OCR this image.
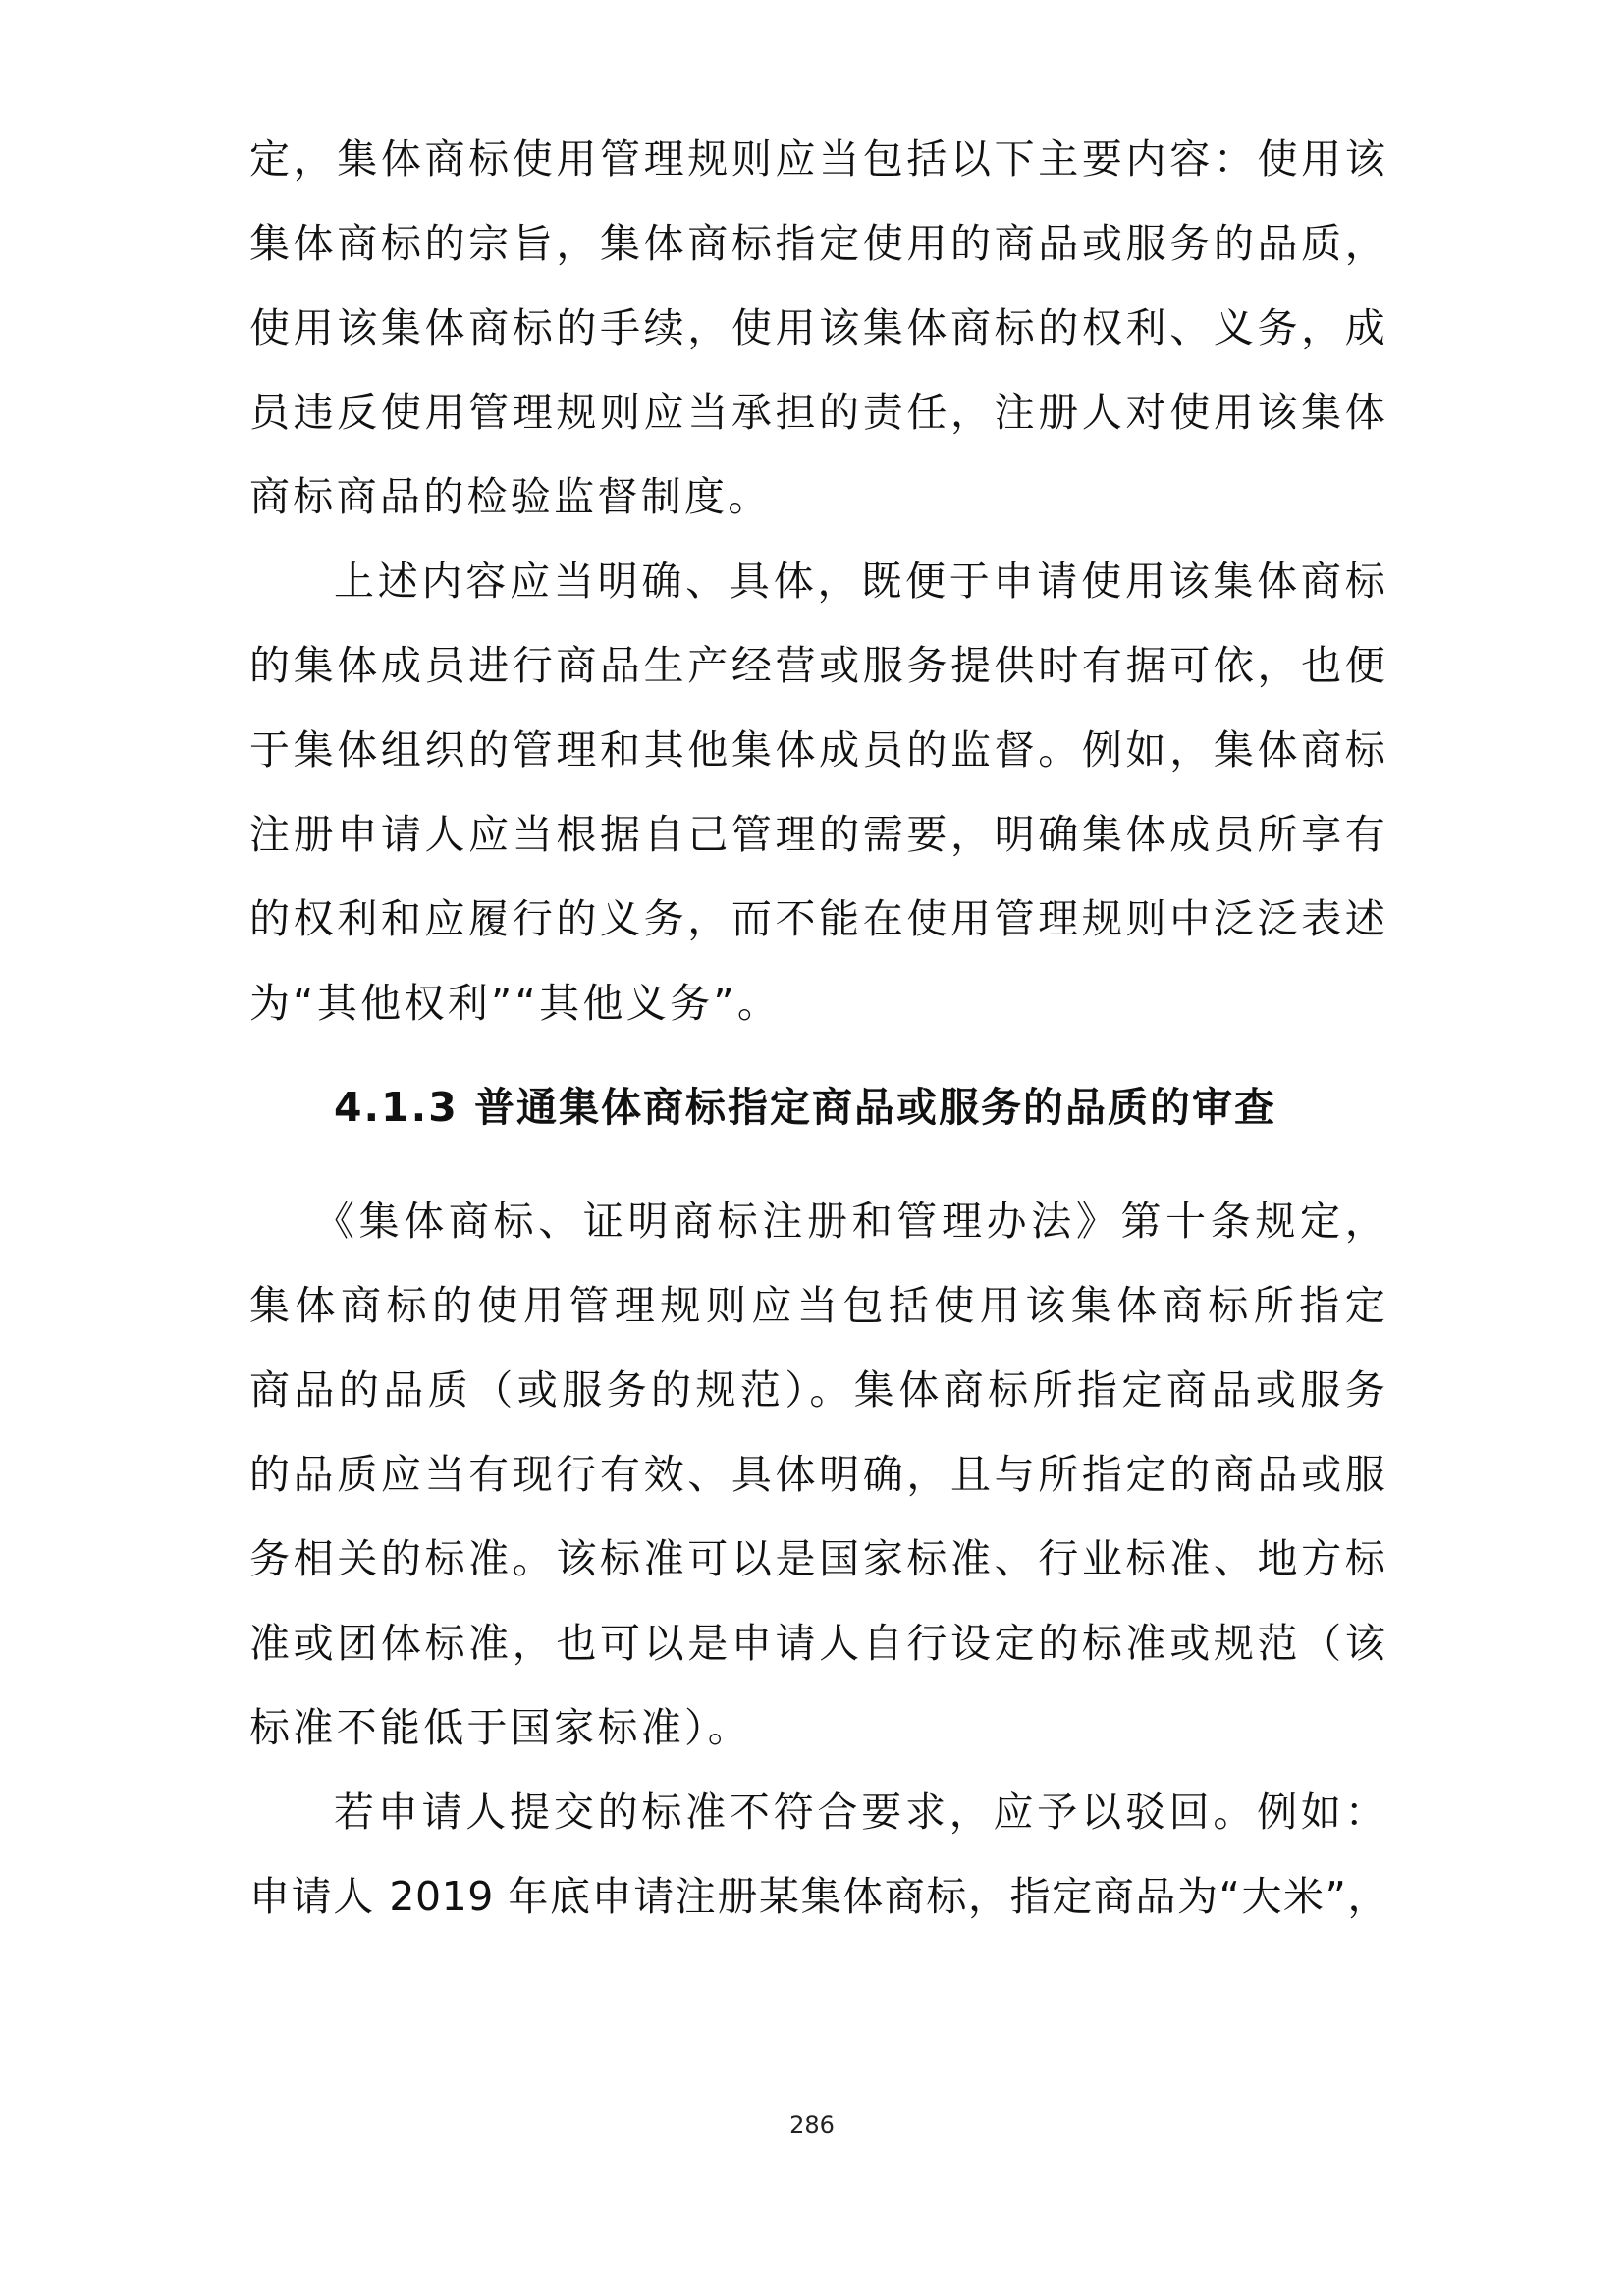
定，集体商标使用管理规则应当包括以下主要内容：使用该
集体商标的宗旨，集体商标指定使用的商品或服务的品质，
使用该集体商标的手续，使用该集体商标的权利、义务，成
员违反使用管理规则应当承担的责任，注册人对使用该集体
商标商品的检验监督制度。
上述内容应当明确、具体，既便于申请使用该集体商标
的集体成员进行商品生产经营或服务提供时有据可依，也便
于集体组织的管理和其他集体成员的监督。例如，集体商标
注册申请人应当根据自己管理的需要，明确集体成员所享有
的权利和应履行的义务，而不能在使用管理规则中泛泛表述
为“其他权利”“其他义务”。
4.1.3 普通集体商标指定商品或服务的品质的审查
《集体商标、证明商标注册和管理办法》第十条规定，
集体商标的使用管理规则应当包括使用该集体商标所指定
商品的品质（或服务的规范）。集体商标所指定商品或服务
的品质应当有现行有效、具体明确，且与所指定的商品或服
务相关的标准。该标准可以是国家标准、行业标准、地方标
准或团体标准，也可以是申请人自行设定的标准或规范（该
标准不能低于国家标准）。
若申请人提交的标准不符合要求，应予以驳回。例如：
申请人 2019 年底申请注册某集体商标，指定商品为“大米”，
286
